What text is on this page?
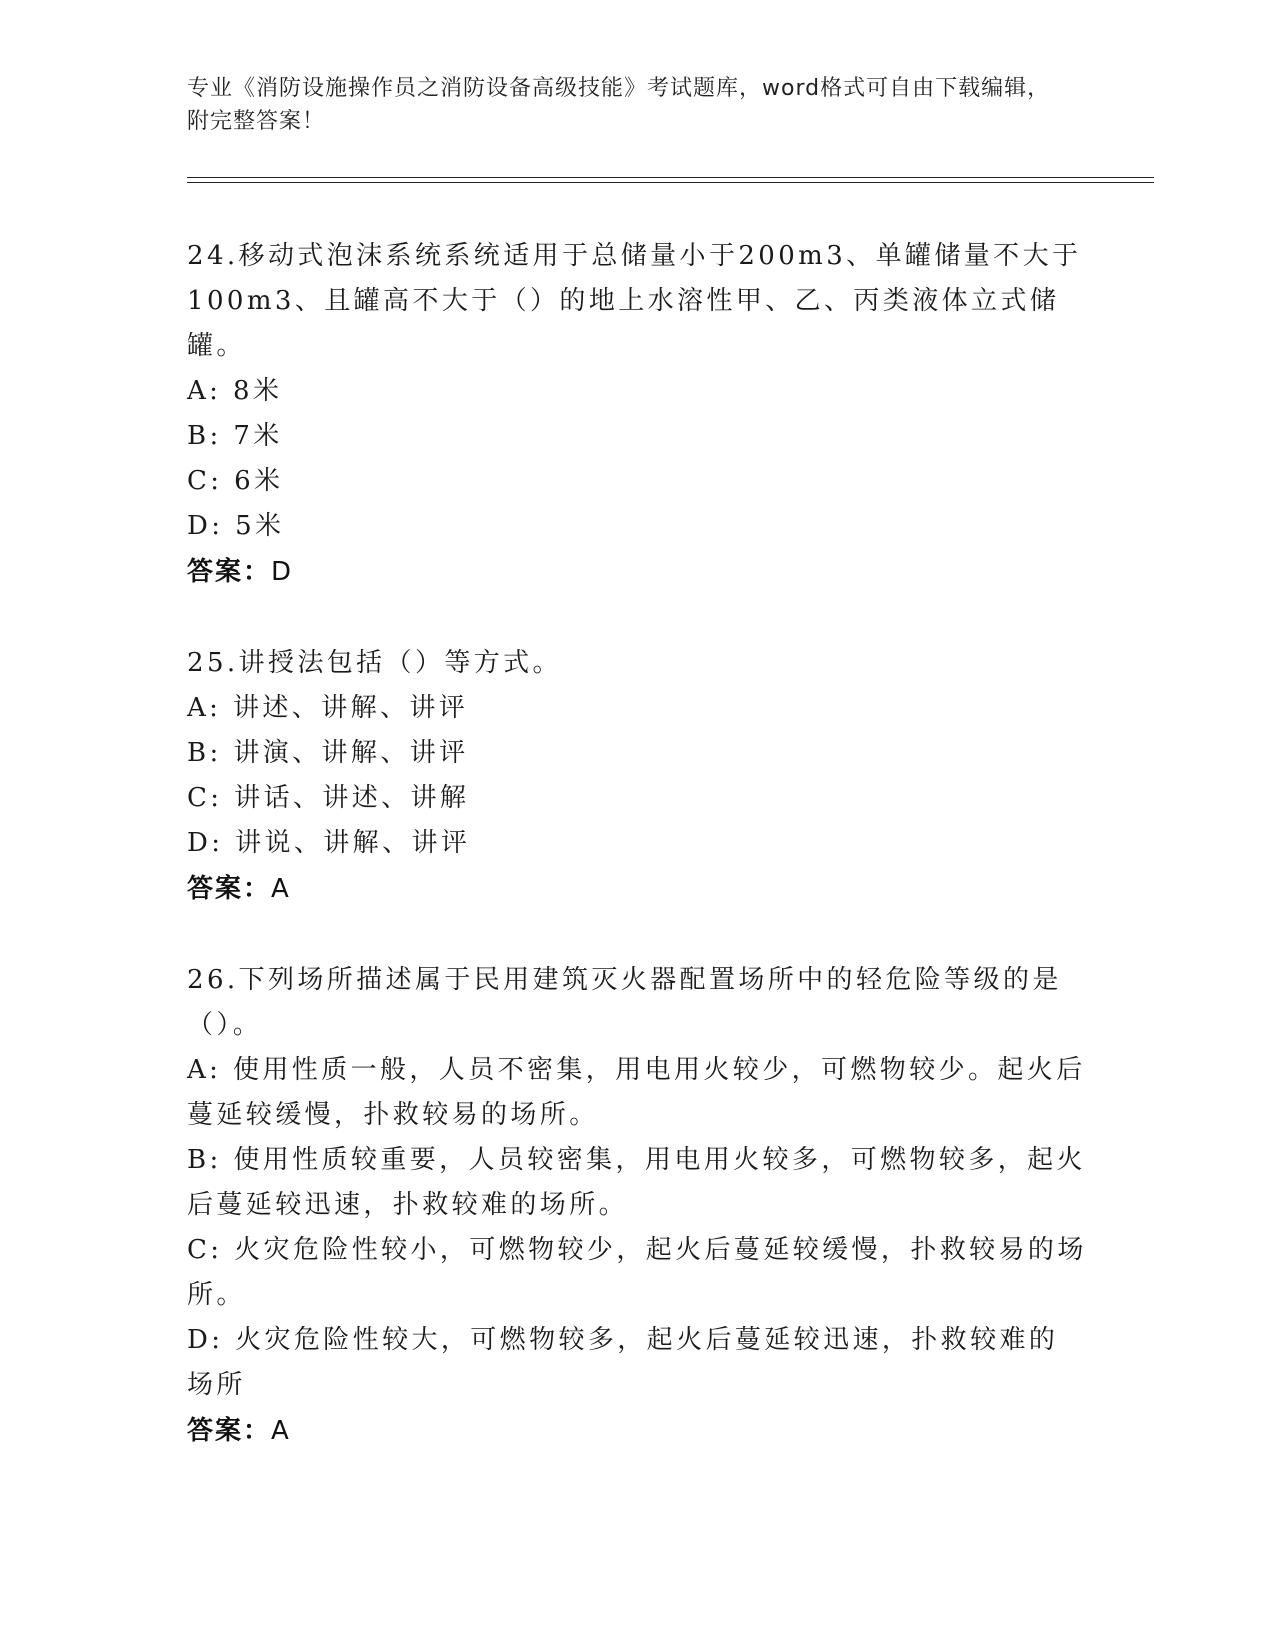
专业《消防设施操作员之消防设备高级技能》考试题库，word格式可自由下载编辑，附完整答案！
24.移动式泡沫系统系统适用于总储量小于200m3、单罐储量不大于100m3、且罐高不大于（）的地上水溶性甲、乙、丙类液体立式储罐。
A: 8米
B: 7米
C: 6米
D: 5米
答案：D
25.讲授法包括（）等方式。
A: 讲述、讲解、讲评
B: 讲演、讲解、讲评
C: 讲话、讲述、讲解
D: 讲说、讲解、讲评
答案：A
26.下列场所描述属于民用建筑灭火器配置场所中的轻危险等级的是（）。
A: 使用性质一般，人员不密集，用电用火较少，可燃物较少。起火后蔓延较缓慢，扑救较易的场所。
B: 使用性质较重要，人员较密集，用电用火较多，可燃物较多，起火后蔓延较迅速，扑救较难的场所。
C: 火灾危险性较小，可燃物较少，起火后蔓延较缓慢，扑救较易的场所。
D: 火灾危险性较大，可燃物较多，起火后蔓延较迅速，扑救较难的场所
答案：A
